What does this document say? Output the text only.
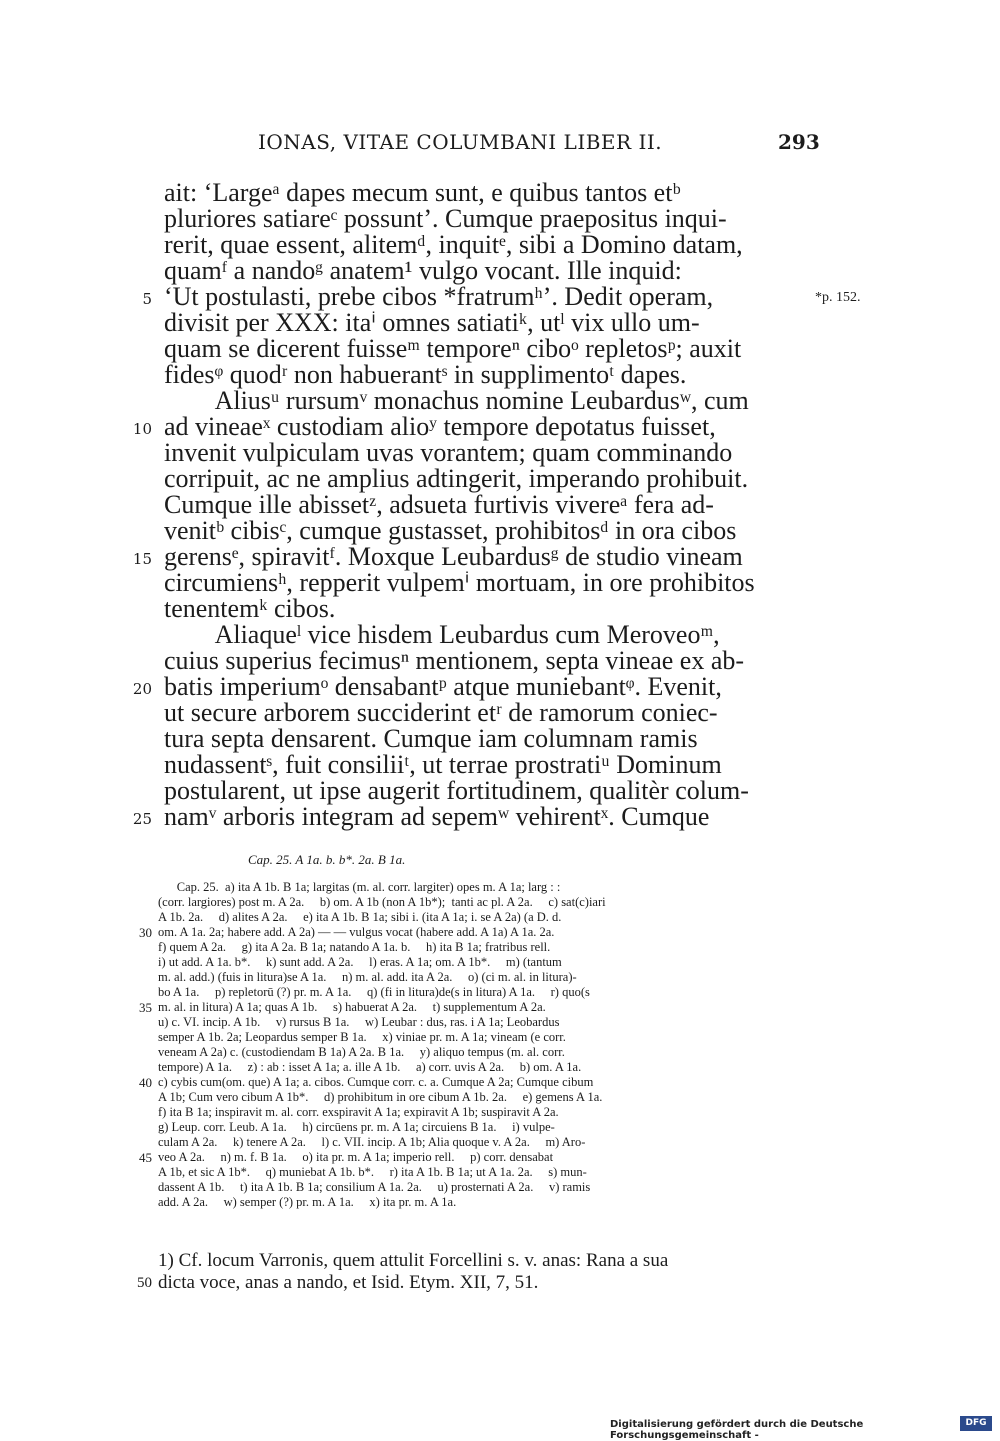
IONAS, VITAE COLUMBANI LIBER II.	293
ait: ‘Largeᵃ dapes mecum sunt, e quibus tantos etᵇ
pluriores satiareᶜ possunt’. Cumque praepositus inqui-
rerit, quae essent, alitemᵈ, inquitᵉ, sibi a Domino datam,
quamᶠ a nandoᵍ anatem¹ vulgo vocant. Ille inquid:
5 ‘Ut postulasti, prebe cibos *fratrumʰ’. Dedit operam,	*p. 152.
divisit per XXX: itaⁱ omnes satiatiᵏ, utˡ vix ullo um-
quam se dicerent fuisseᵐ temporeⁿ ciboᵒ repletosᵖ; auxit
fidesᵠ quodʳ non habuerantˢ in supplimentoᵗ dapes.
Aliusᵘ rursumᵛ monachus nomine Leubardusʷ, cum
10 ad vineaeˣ custodiam alioʸ tempore depotatus fuisset,
invenit vulpiculam uvas vorantem; quam comminando
corripuit, ac ne amplius adtingerit, imperando prohibuit.
Cumque ille abissetᶻ, adsueta furtivis vivereᵃ fera ad-
venitᵇ cibisᶜ, cumque gustasset, prohibitosᵈ in ora cibos
15 gerensᵉ, spiravitᶠ. Moxque Leubardusᵍ de studio vineam
circumiensʰ, repperit vulpemⁱ mortuam, in ore prohibitos
tenentemᵏ cibos.
Aliaqueˡ vice hisdem Leubardus cum Meroveoᵐ,
cuius superius fecimusⁿ mentionem, septa vineae ex ab-
20 batis imperiumᵒ densabantᵖ atque muniebantᵠ. Evenit,
ut secure arborem succiderint etʳ de ramorum coniec-
tura septa densarent. Cumque iam columnam ramis
nudassentˢ, fuit consiliiᵗ, ut terrae prostratiᵘ Dominum
postularent, ut ipse augerit fortitudinem, qualitèr colum-
25 namᵛ arboris integram ad sepemʷ vehirentˣ. Cumque
Cap. 25. A 1a. b. b*. 2a. B 1a.
Cap. 25.  a) ita A 1b. B 1a; largitas (m. al. corr. largiter) opes m. A 1a; larg : :
(corr. largiores) post m. A 2a.     b) om. A 1b (non A 1b*);  tanti ac pl. A 2a.     c) sat(c)iari
A 1b. 2a.     d) alites A 2a.     e) ita A 1b. B 1a; sibi i. (ita A 1a; i. se A 2a) (a D. d.
30 om. A 1a. 2a; habere add. A 2a) — — vulgus vocat (habere add. A 1a) A 1a. 2a.
f) quem A 2a.     g) ita A 2a. B 1a; natando A 1a. b.     h) ita B 1a; fratribus rell.
i) ut add. A 1a. b*.     k) sunt add. A 2a.     l) eras. A 1a; om. A 1b*.     m) (tantum
m. al. add.) (fuis in litura)se A 1a.     n) m. al. add. ita A 2a.     o) (ci m. al. in litura)-
bo A 1a.     p) repletorū (?) pr. m. A 1a.     q) (fi in litura)de(s in litura) A 1a.     r) quo(s
35 m. al. in litura) A 1a; quas A 1b.     s) habuerat A 2a.     t) supplementum A 2a.
u) c. VI. incip. A 1b.     v) rursus B 1a.     w) Leubar : dus, ras. i A 1a; Leobardus
semper A 1b. 2a; Leopardus semper B 1a.     x) viniae pr. m. A 1a; vineam (e corr.
veneam A 2a) c. (custodiendam B 1a) A 2a. B 1a.     y) aliquo tempus (m. al. corr.
tempore) A 1a.     z) : ab : isset A 1a; a. ille A 1b.     a) corr. uvis A 2a.     b) om. A 1a.
40 c) cybis cum(om. que) A 1a; a. cibos. Cumque corr. c. a. Cumque A 2a; Cumque cibum
A 1b; Cum vero cibum A 1b*.     d) prohibitum in ore cibum A 1b. 2a.     e) gemens A 1a.
f) ita B 1a; inspiravit m. al. corr. exspiravit A 1a; expiravit A 1b; suspiravit A 2a.
g) Leup. corr. Leub. A 1a.     h) circūens pr. m. A 1a; circuiens B 1a.     i) vulpe-
culam A 2a.     k) tenere A 2a.     l) c. VII. incip. A 1b; Alia quoque v. A 2a.     m) Aro-
45 veo A 2a.     n) m. f. B 1a.     o) ita pr. m. A 1a; imperio rell.     p) corr. densabat
A 1b, et sic A 1b*.     q) muniebat A 1b. b*.     r) ita A 1b. B 1a; ut A 1a. 2a.     s) mun-
dassent A 1b.     t) ita A 1b. B 1a; consilium A 1a. 2a.     u) prosternati A 2a.     v) ramis
add. A 2a.     w) semper (?) pr. m. A 1a.     x) ita pr. m. A 1a.
1) Cf. locum Varronis, quem attulit Forcellini s. v. anas: Rana a sua
50 dicta voce, anas a nando, et Isid. Etym. XII, 7, 51.
Digitalisierung gefördert durch die Deutsche Forschungsgemeinschaft -
DFG
